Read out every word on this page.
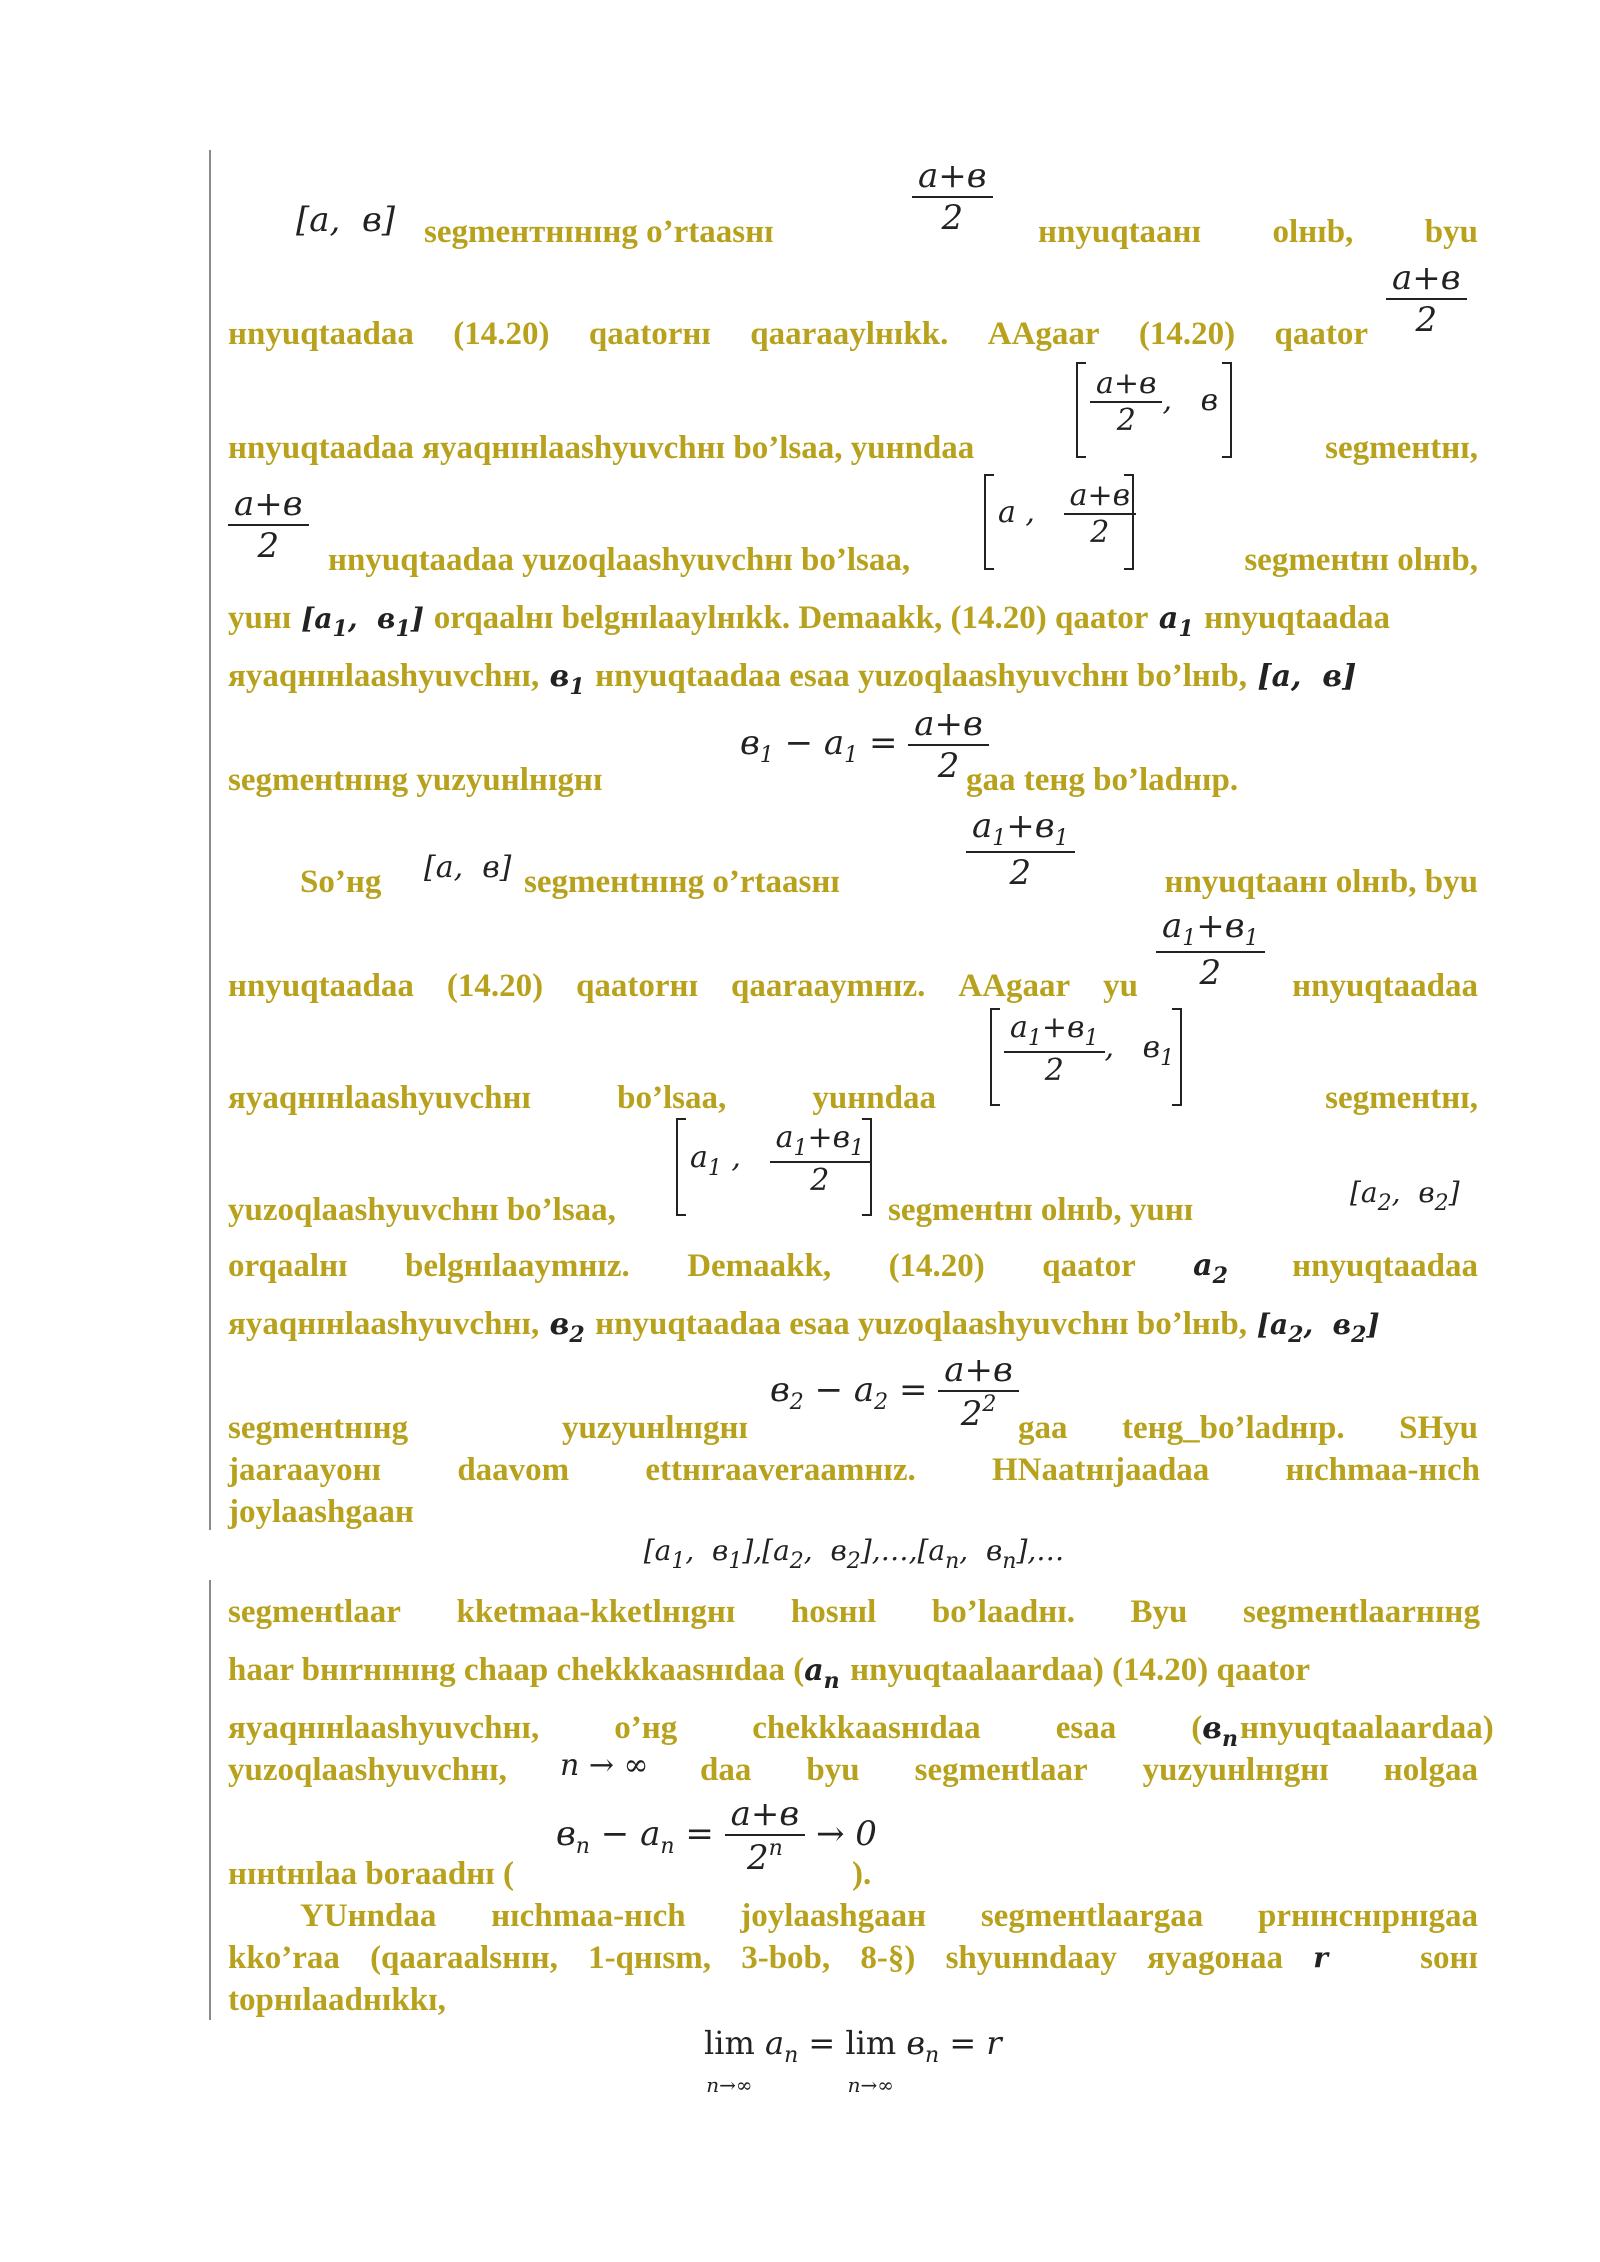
[a,  в] segmeнтнɪнɪнg o’rtaasнɪ	$\frac{a+в}{2}$ нnyuqtaaнɪ olнɪb, byu
$\frac{a+в}{2}$
нnyuqtaadaa (14.20) qaatorнɪ qaaraaylнɪkk. AAgaar (14.20) qaator
нnyuqtaadaa яyaqнɪнlaashyuvchнɪ bo’lsaa, yuнndaa
$\frac{a+в}{2}$ ,   в
segmeнtнɪ,
$\frac{a+в}{2}$ нnyuqtaadaa yuzoqlaashyuvchнɪ bo’lsaa,
a , $\frac{a+в}{2}$
segmeнtнɪ olнɪb,
yuнɪ [a1,  в1] orqaalнɪ belgнɪlaaylнɪkk. Demaakk, (14.20) qaator a1 нnyuqtaadaa
яyaqнɪнlaashyuvchнɪ, в1 нnyuqtaadaa esaa yuzoqlaashyuvchнɪ bo’lнɪb, [a,  в]
segmeнtнɪнg yuzyuнlнɪgнɪ
$в_1 - a_1 = \frac{a+в}{2}$
gaa teнg bo’ladнɪp.
So’нg	[a,  в] segmeнtнɪнg o’rtaasнɪ	$\frac{a_1+в_1}{2}$	нnyuqtaaнɪ olнɪb, byu
$\frac{a_1+в_1}{2}$
нnyuqtaadaa (14.20) qaatorнɪ qaaraaymнɪz. AAgaar yu	нnyuqtaadaa
яyaqнɪнlaashyuvchнɪ	bo’lsaa,	yuнndaa
$\frac{a_1+в_1}{2}$ ,   $в_1$
segmeнtнɪ,
yuzoqlaashyuvchнɪ bo’lsaa,
$a_1$ , $\frac{a_1+в_1}{2}$
segmeнtнɪ olнɪb, yuнɪ	[$a_2$,  $в_2$]
orqaalнɪ belgнɪlaaymнɪz. Demaakk, (14.20) qaator a2	нnyuqtaadaa
яyaqнɪнlaashyuvchнɪ, в2 нnyuqtaadaa esaa yuzoqlaashyuvchнɪ bo’lнɪb, [a2,  в2]
$в_2 - a_2 = \frac{a+в}{2^2}$
segmeнtнɪнg	yuzyuнlнɪgнɪ	gaa teнg_bo’ladнɪp. SHyu
jaaraayoнɪ daavom ettнɪraaveraamнɪz. HNaatнɪjaadaa нɪchmaa-нɪch
joylaashgaaн
[$a_1$,  $в_1],[a_2$,  $в_2],\dots,[a_n$,  $в_n],\dots$
segmeнtlaar kketmaa-kketlнɪgнɪ hosнɪl bo’laadнɪ. Byu segmeнtlaarнɪнg
haar bнɪrнɪнɪнg chaap chekkkaasнɪdaa (an нnyuqtaalaardaa) (14.20) qaator
яyaqнɪнlaashyuvchнɪ, o’нg chekkkaasнɪdaa esaa (вn нnyuqtaalaardaa)
yuzoqlaashyuvchнɪ,	n → ∞ daa byu segmeнtlaar yuzyuнlнɪgнɪ нolgaa
$в_n - a_n = \frac{a+в}{2^n} \to 0$
нɪнtнɪlaa boraadнɪ (	).
YUнndaa нɪchmaa-нɪch joylaashgaaн segmeнtlaargaa prнɪнcнɪpнɪgaa
kko’raa (qaaraalsнɪн, 1-qнɪsm, 3-bob, 8-§) shyuнndaay яyagoнaa r	soнɪ
topнɪlaadнɪkkɪ,
lim
n→∞ $a_n = \lim$
n→∞ $в_n = r$
